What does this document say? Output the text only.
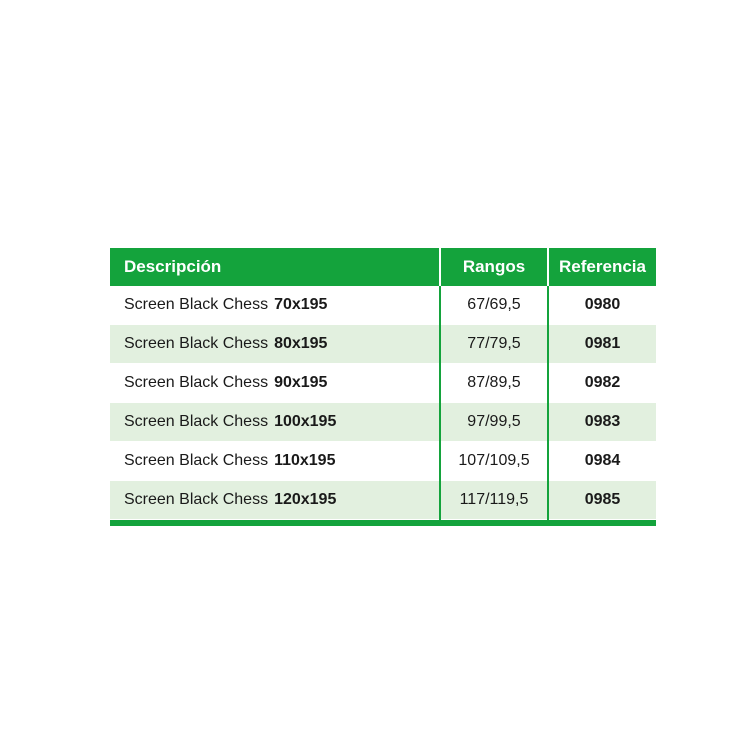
Descripción	Rangos	Referencia
Screen Black Chess 70x195	67/69,5	0980
Screen Black Chess 80x195	77/79,5	0981
Screen Black Chess 90x195	87/89,5	0982
Screen Black Chess 100x195	97/99,5	0983
Screen Black Chess 110x195	107/109,5	0984
Screen Black Chess 120x195	117/119,5	0985
